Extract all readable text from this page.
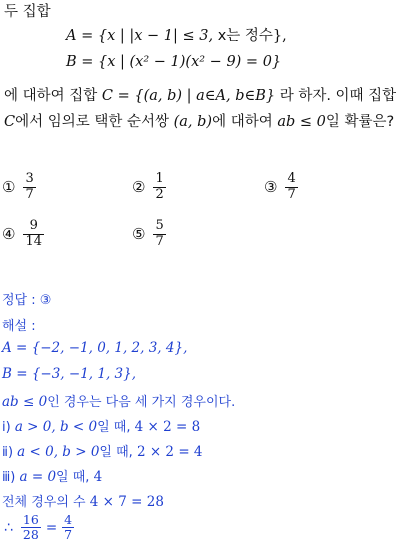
두 집합
A = {x | |x − 1| ≤ 3, x는 정수},
B = {x | (x² − 1)(x² − 9) = 0}
에 대하여 집합 C = {(a, b) | a∈A, b∈B} 라 하자. 이때 집합
C에서 임의로 택한 순서쌍 (a, b)에 대하여 ab ≤ 0일 확률은?
① $\frac{3}{7}$	② $\frac{1}{2}$	③ $\frac{4}{7}$
④ $\frac{9}{14}$	⑤ $\frac{5}{7}$
정답 : ③
해설 :
A = {−2, −1, 0, 1, 2, 3, 4},
B = {−3, −1, 1, 3},
ab ≤ 0인 경우는 다음 세 가지 경우이다.
ⅰ) a > 0, b < 0일 때, 4 × 2 = 8
ⅱ) a < 0, b > 0일 때, 2 × 2 = 4
ⅲ) a = 0일 때, 4
전체 경우의 수 4 × 7 = 28
∴ $\frac{16}{28} = \frac{4}{7}$
